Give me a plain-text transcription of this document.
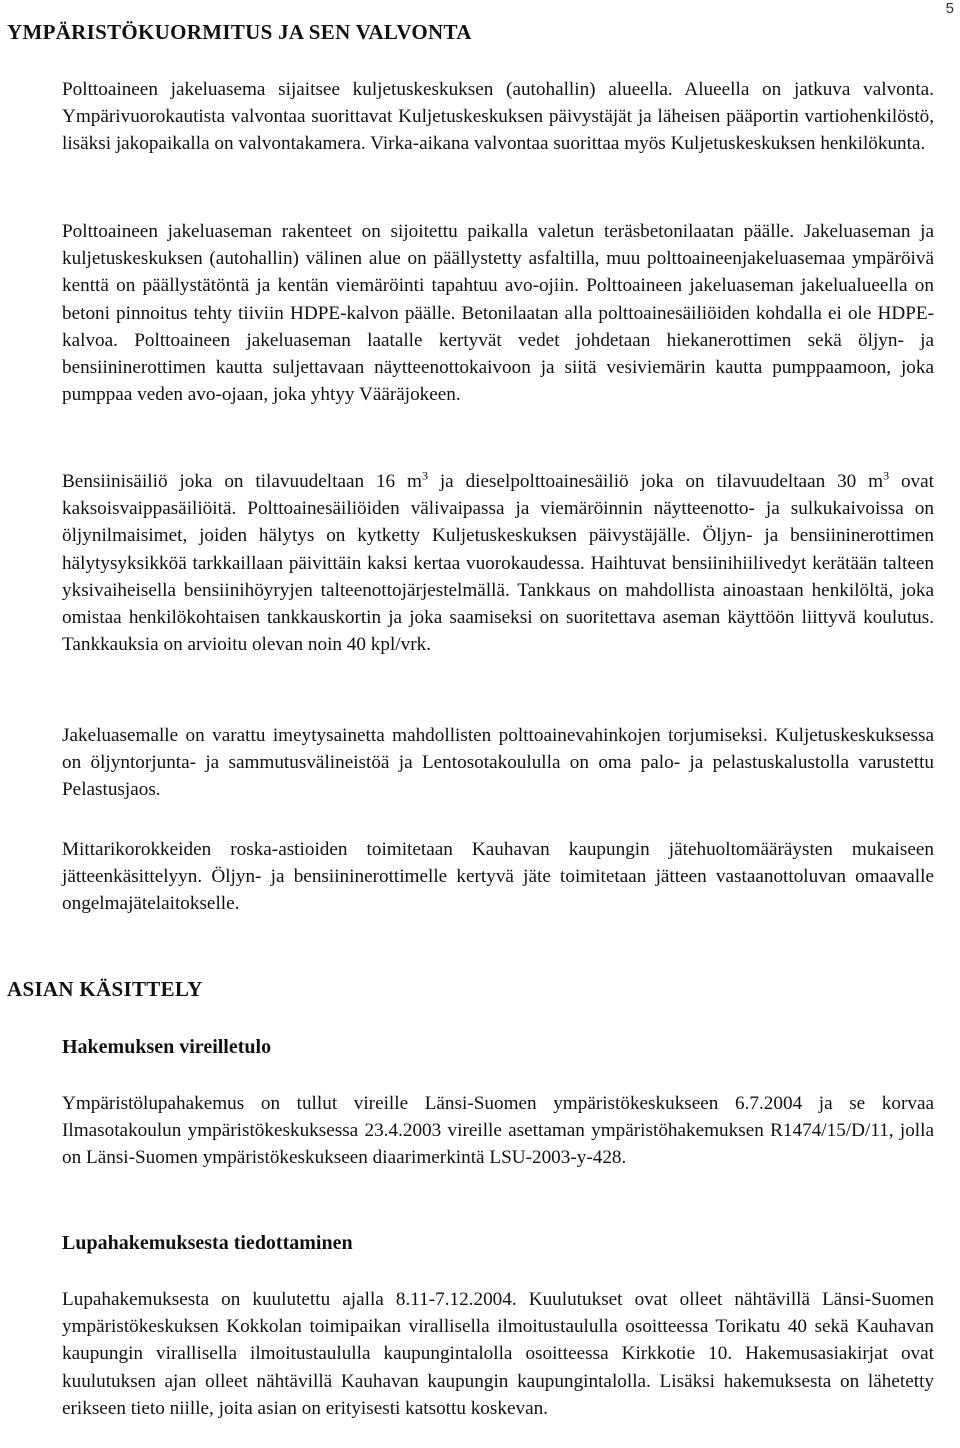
5
YMPÄRISTÖKUORMITUS JA SEN VALVONTA

Polttoaineen jakeluasema sijaitsee kuljetuskeskuksen (autohallin) alueella. Alueella on jatkuva valvonta. Ympärivuorokautista valvontaa suorittavat Kuljetuskeskuksen päivystäjät ja läheisen pääportin vartiohenkilöstö, lisäksi jakopaikalla on valvontakamera. Virka-aikana valvontaa suorittaa myös Kuljetuskeskuksen henkilökunta.

Polttoaineen jakeluaseman rakenteet on sijoitettu paikalla valetun teräsbetonilaatan päälle. Jakeluaseman ja kuljetuskeskuksen (autohallin) välinen alue on päällystetty asfaltilla, muu polttoaineenjakeluasemaa ympäröivä kenttä on päällystätöntä ja kentän viemäröinti tapahtuu avo-ojiin. Polttoaineen jakeluaseman jakelualueella on betoni pinnoitus tehty tiiviin HDPE-kalvon päälle. Betonilaatan alla polttoainesäiliöiden kohdalla ei ole HDPE-kalvoa. Polttoaineen jakeluaseman laatalle kertyvät vedet johdetaan hiekanerottimen sekä öljyn- ja bensiininerottimen kautta suljettavaan näytteenottokaivoon ja siitä vesiviemärin kautta pumppaamoon, joka pumppaa veden avo-ojaan, joka yhtyy Vääräjokeen.

Bensiinisäiliö joka on tilavuudeltaan 16 $m^3$ ja dieselpolttoainesäiliö joka on tilavuudeltaan 30 $m^3$ ovat kaksoisvaippasäiliöitä. Polttoainesäiliöiden välivaipassa ja viemäröinnin näytteenotto- ja sulkukaivoissa on öljynilmaisimet, joiden hälytys on kytketty Kuljetuskeskuksen päivystäjälle. Öljyn- ja bensiininerottimen hälytysyksikköä tarkkaillaan päivittäin kaksi kertaa vuorokaudessa. Haihtuvat bensiinihiilivedyt kerätään talteen yksivaiheisella bensiinihöyryjen talteenottojärjestelmällä. Tankkaus on mahdollista ainoastaan henkilöltä, joka omistaa henkilökohtaisen tankkauskortin ja joka saamiseksi on suoritettava aseman käyttöön liittyvä koulutus. Tankkauksia on arvioitu olevan noin 40 kpl/vrk.

Jakeluasemalle on varattu imeytysainetta mahdollisten polttoainevahinkojen torjumiseksi. Kuljetuskeskuksessa on öljyntorjunta- ja sammutusvälineistöä ja Lentosotakoululla on oma palo- ja pelastuskalustolla varustettu Pelastusjaos.

Mittarikorokkeiden roska-astioiden toimitetaan Kauhavan kaupungin jätehuoltomääräysten mukaiseen jätteenkäsittelyyn. Öljyn- ja bensiininerottimelle kertyvä jäte toimitetaan jätteen vastaanottoluvan omaavalle ongelmajätelaitokselle.

ASIAN KÄSITTELY
Hakemuksen vireilletulo

Ympäristölupahakemus on tullut vireille Länsi-Suomen ympäristökeskukseen 6.7.2004 ja se korvaa Ilmasotakoulun ympäristökeskuksessa 23.4.2003 vireille asettaman ympäristöhakemuksen R1474/15/D/11, jolla on Länsi-Suomen ympäristökeskukseen diaarimerkintä LSU-2003-y-428.

Lupahakemuksesta tiedottaminen

Lupahakemuksesta on kuulutettu ajalla 8.11-7.12.2004. Kuulutukset ovat olleet nähtävillä Länsi-Suomen ympäristökeskuksen Kokkolan toimipaikan virallisella ilmoitustaululla osoitteessa Torikatu 40 sekä Kauhavan kaupungin virallisella ilmoitustaululla kaupungintalolla osoitteessa Kirkkotie 10. Hakemusasiakirjat ovat kuulutuksen ajan olleet nähtävillä Kauhavan kaupungin kaupungintalolla. Lisäksi hakemuksesta on lähetetty erikseen tieto niille, joita asian on erityisesti katsottu koskevan.
